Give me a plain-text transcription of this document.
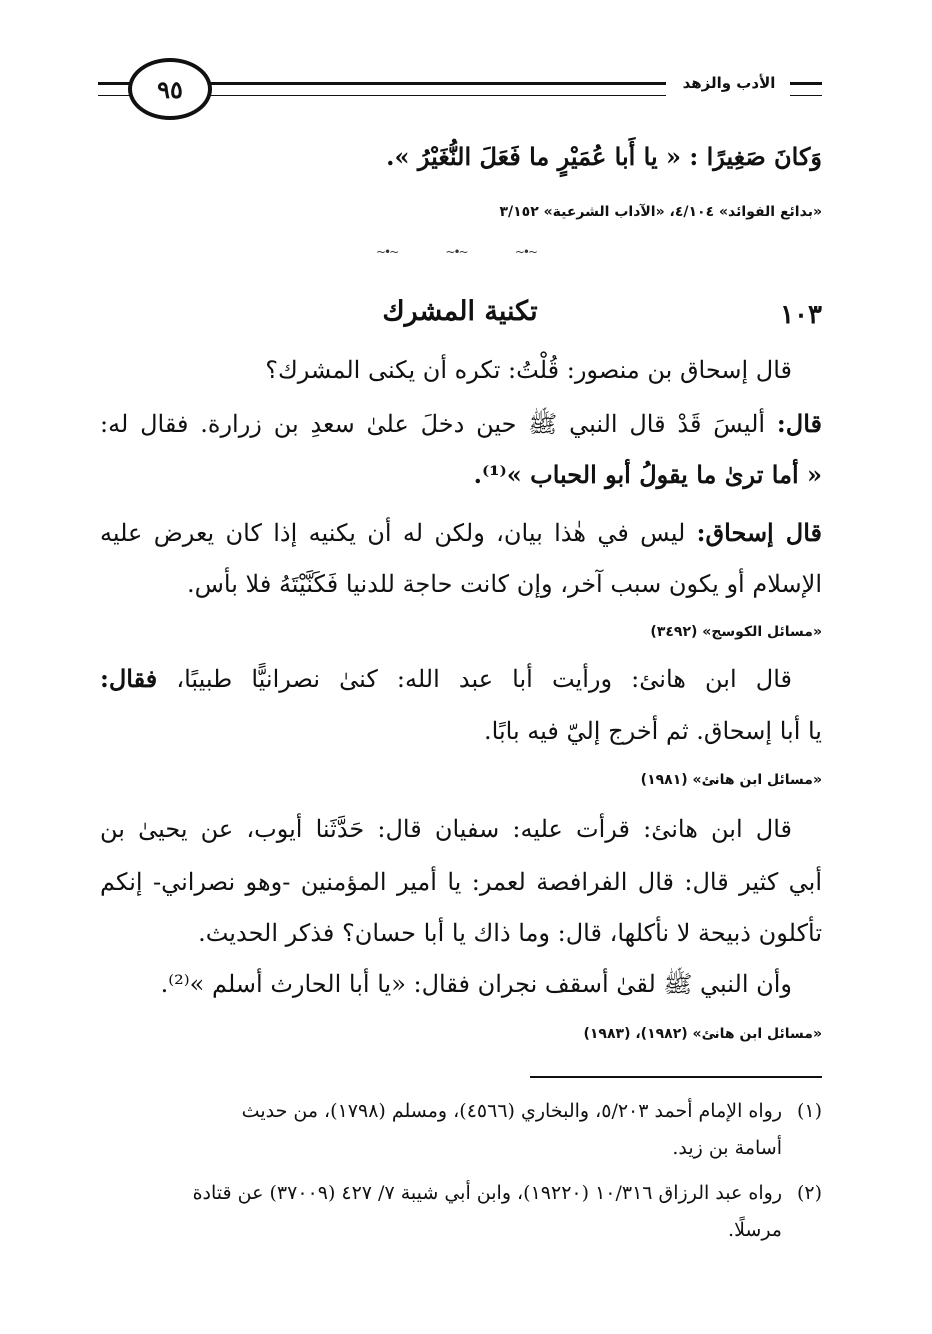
٩٥	الأدب والزهد
وَكانَ صَغِيرًا : « يا أَبا عُمَيْرٍ ما فَعَلَ النُّغَيْرُ ».
«بدائع الفوائد» ٤/١٠٤، «الآداب الشرعية» ٣/١٥٢
~•~	~•~	~•~
١٠٣
تكنية المشرك
قال إسحاق بن منصور: قُلْتُ: تكره أن يكنى المشرك؟
قال: أليسَ قَدْ قال النبي ﷺ حين دخلَ علىٰ سعدِ بن زرارة. فقال له:
« أما ترىٰ ما يقولُ أبو الحباب »⁽¹⁾.
قال إسحاق: ليس في هٰذا بيان، ولكن له أن يكنيه إذا كان يعرض عليه
الإسلام أو يكون سبب آخر، وإن كانت حاجة للدنيا فَكَنَّيْتَهُ فلا بأس.
«مسائل الكوسج» (٣٤٩٢)
قال ابن هانئ: ورأيت أبا عبد الله: كنىٰ نصرانيًّا طبيبًا، فقال:
يا أبا إسحاق. ثم أخرج إليّ فيه بابًا.
«مسائل ابن هانئ» (١٩٨١)
قال ابن هانئ: قرأت عليه: سفيان قال: حَدَّثَنا أيوب، عن يحيىٰ بن
أبي كثير قال: قال الفرافصة لعمر: يا أمير المؤمنين -وهو نصراني- إنكم
تأكلون ذبيحة لا نأكلها، قال: وما ذاك يا أبا حسان؟ فذكر الحديث.
وأن النبي ﷺ لقىٰ أسقف نجران فقال: «يا أبا الحارث أسلم »⁽²⁾.
«مسائل ابن هانئ» (١٩٨٢)، (١٩٨٣)
(١)رواه الإمام أحمد ٥/٢٠٣، والبخاري (٤٥٦٦)، ومسلم (١٧٩٨)، من حديث
أسامة بن زيد.
(٢)رواه عبد الرزاق ١٠/٣١٦ (١٩٢٢٠)، وابن أبي شيبة ٧/ ٤٢٧ (٣٧٠٠٩) عن قتادة
مرسلًا.
